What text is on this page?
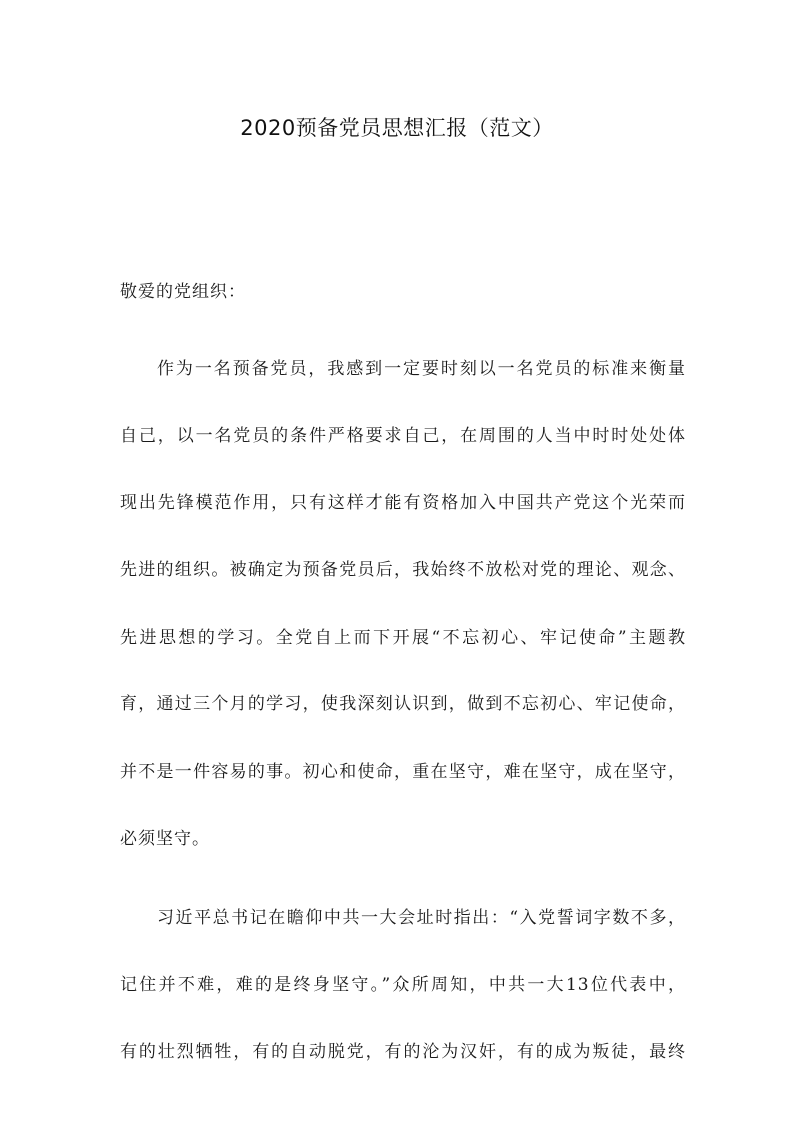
2020预备党员思想汇报（范文）
敬爱的党组织：
作为一名预备党员，我感到一定要时刻以一名党员的标准来衡量
自己，以一名党员的条件严格要求自己，在周围的人当中时时处处体
现出先锋模范作用，只有这样才能有资格加入中国共产党这个光荣而
先进的组织。被确定为预备党员后，我始终不放松对党的理论、观念、
先进思想的学习。全党自上而下开展“不忘初心、牢记使命”主题教
育，通过三个月的学习，使我深刻认识到，做到不忘初心、牢记使命，
并不是一件容易的事。初心和使命，重在坚守，难在坚守，成在坚守，
必须坚守。
习近平总书记在瞻仰中共一大会址时指出：“入党誓词字数不多，
记住并不难，难的是终身坚守。”众所周知，中共一大13位代表中，
有的壮烈牺牲，有的自动脱党，有的沦为汉奸，有的成为叛徒，最终
